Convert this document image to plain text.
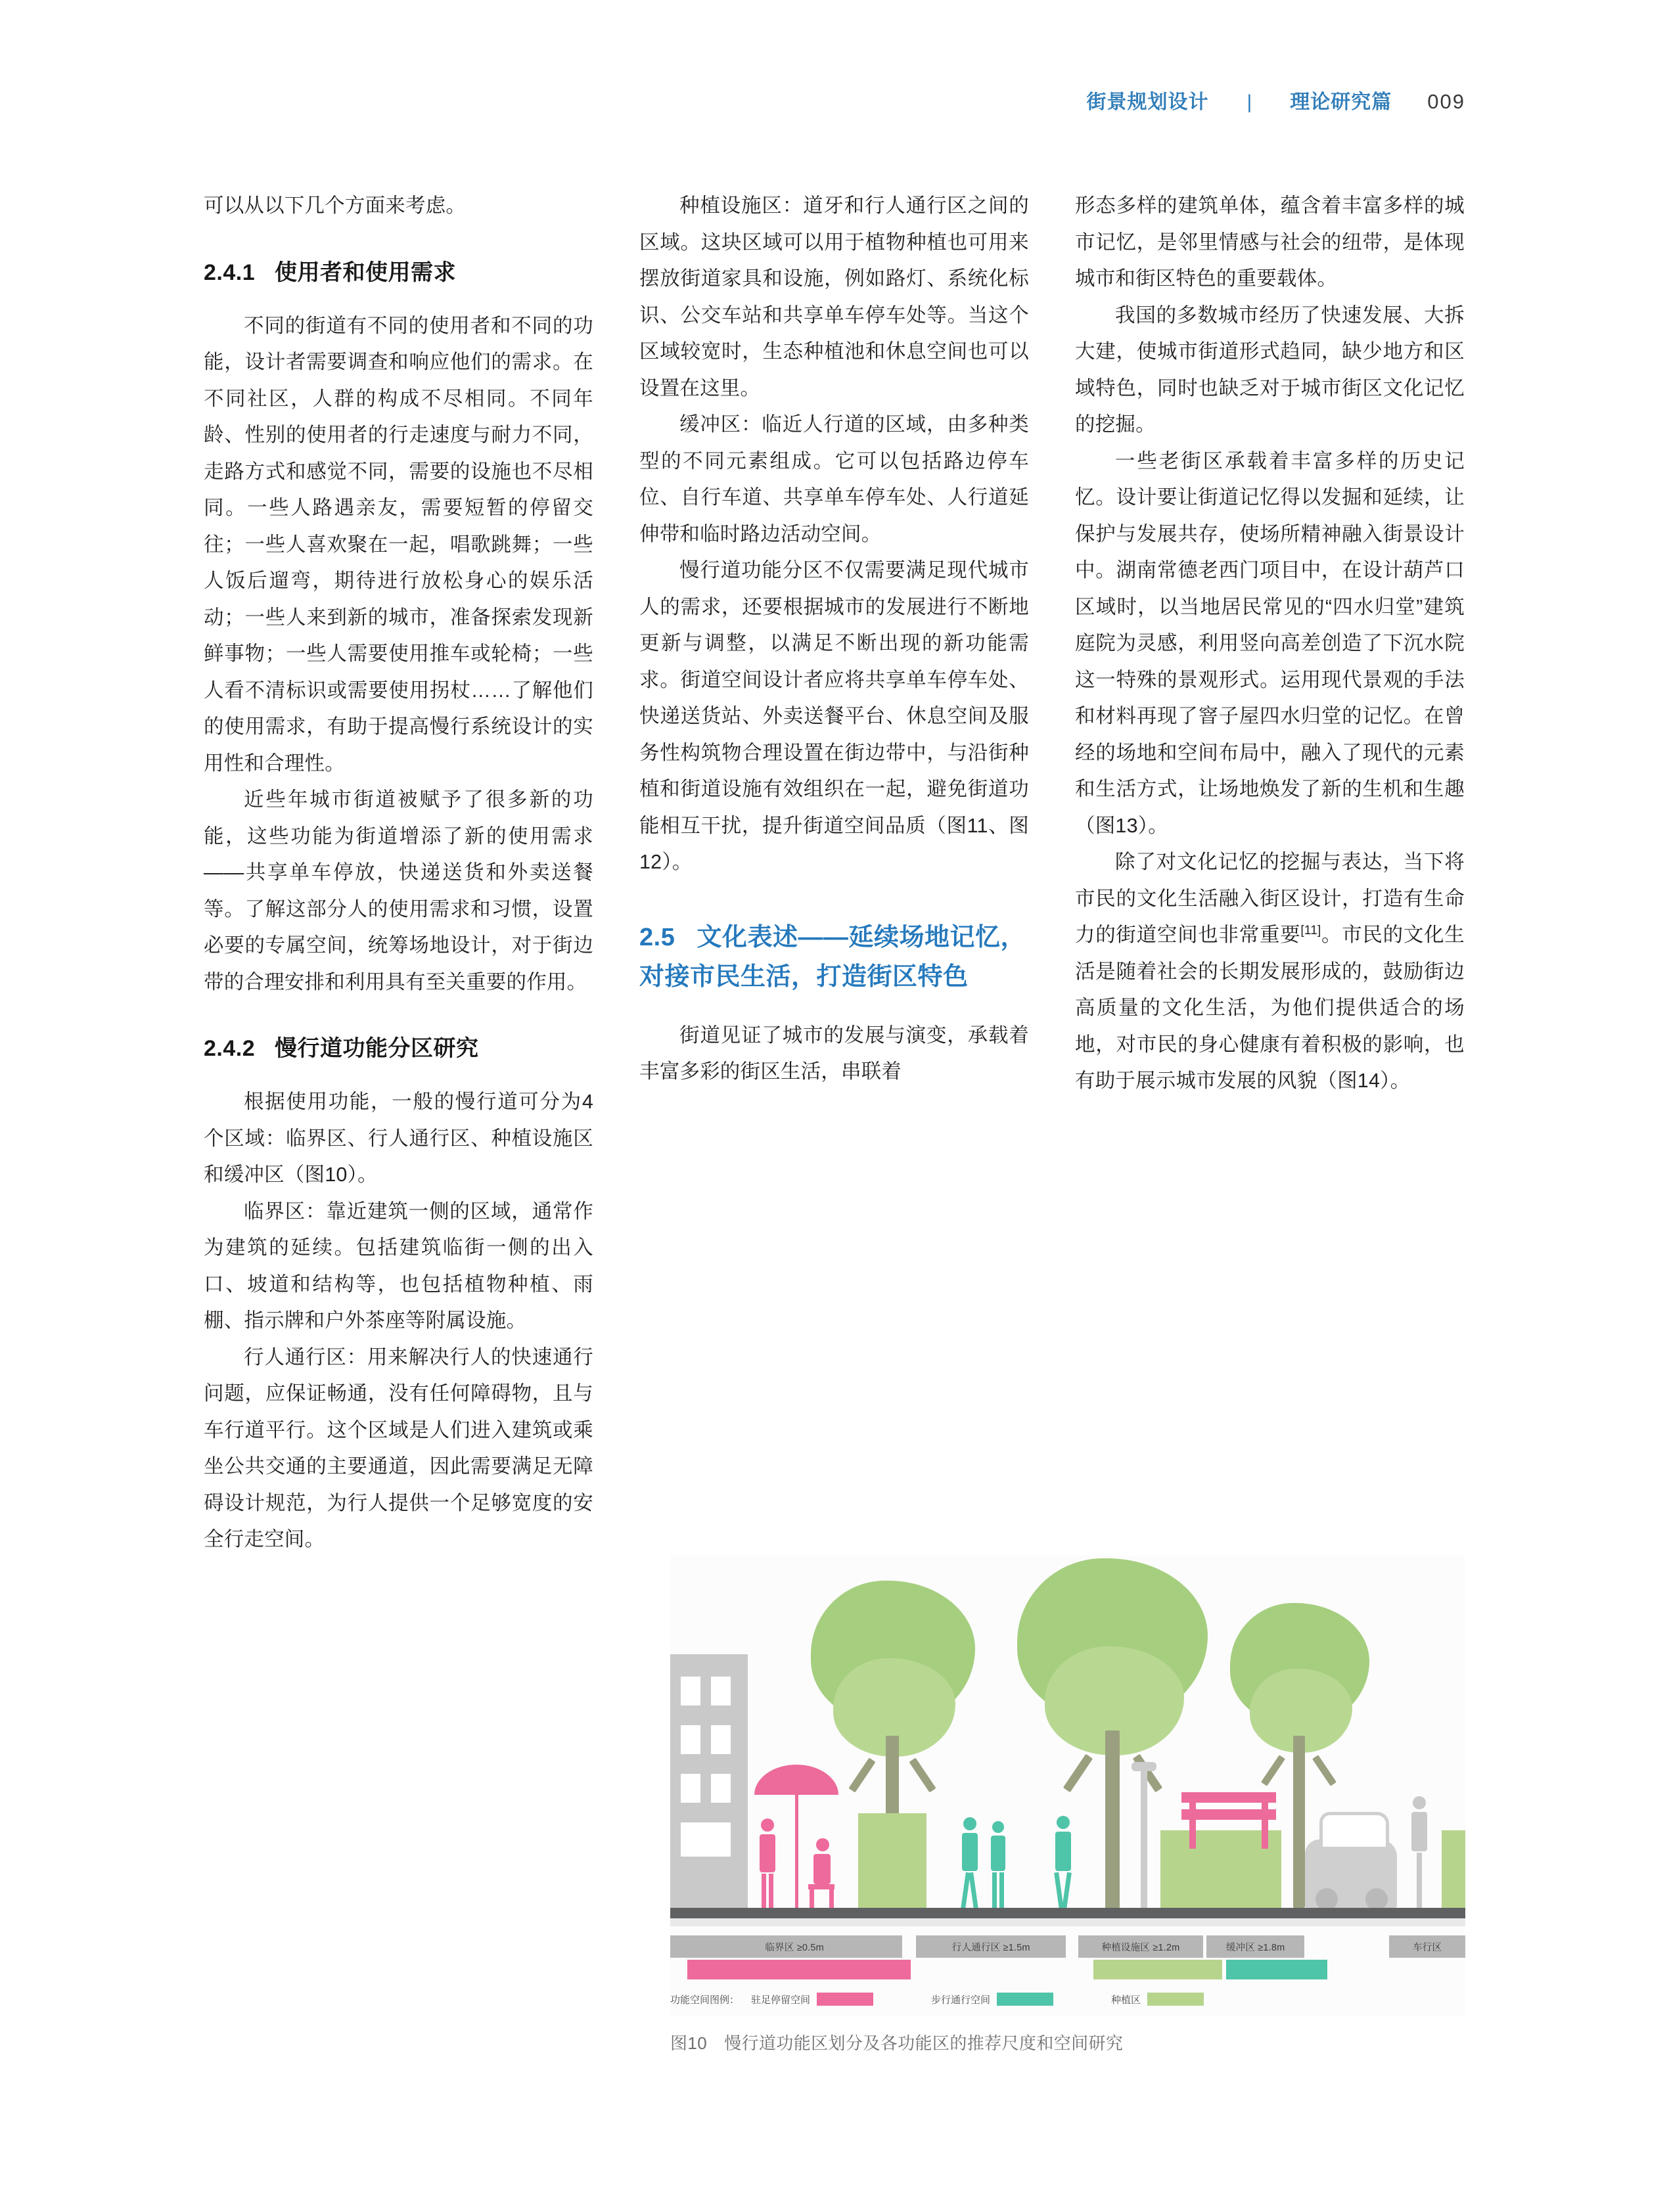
街景规划设计 | 理论研究篇 009

可以从以下几个方面来考虑。

2.4.1 使用者和使用需求

不同的街道有不同的使用者和不同的功能，设计者需要调查和响应他们的需求。在不同社区，人群的构成不尽相同。不同年龄、性别的使用者的行走速度与耐力不同，走路方式和感觉不同，需要的设施也不尽相同。一些人路遇亲友，需要短暂的停留交往；一些人喜欢聚在一起，唱歌跳舞；一些人饭后遛弯，期待进行放松身心的娱乐活动；一些人来到新的城市，准备探索发现新鲜事物；一些人需要使用推车或轮椅；一些人看不清标识或需要使用拐杖……了解他们的使用需求，有助于提高慢行系统设计的实用性和合理性。

近些年城市街道被赋予了很多新的功能，这些功能为街道增添了新的使用需求——共享单车停放，快递送货和外卖送餐等。了解这部分人的使用需求和习惯，设置必要的专属空间，统筹场地设计，对于街边带的合理安排和利用具有至关重要的作用。

2.4.2 慢行道功能分区研究

根据使用功能，一般的慢行道可分为4个区域：临界区、行人通行区、种植设施区和缓冲区（图10）。

临界区：靠近建筑一侧的区域，通常作为建筑的延续。包括建筑临街一侧的出入口、坡道和结构等，也包括植物种植、雨棚、指示牌和户外茶座等附属设施。

行人通行区：用来解决行人的快速通行问题，应保证畅通，没有任何障碍物，且与车行道平行。这个区域是人们进入建筑或乘坐公共交通的主要通道，因此需要满足无障碍设计规范，为行人提供一个足够宽度的安全行走空间。

种植设施区：道牙和行人通行区之间的区域。这块区域可以用于植物种植也可用来摆放街道家具和设施，例如路灯、系统化标识、公交车站和共享单车停车处等。当这个区域较宽时，生态种植池和休息空间也可以设置在这里。

缓冲区：临近人行道的区域，由多种类型的不同元素组成。它可以包括路边停车位、自行车道、共享单车停车处、人行道延伸带和临时路边活动空间。

慢行道功能分区不仅需要满足现代城市人的需求，还要根据城市的发展进行不断地更新与调整，以满足不断出现的新功能需求。街道空间设计者应将共享单车停车处、快递送货站、外卖送餐平台、休息空间及服务性构筑物合理设置在街边带中，与沿街种植和街道设施有效组织在一起，避免街道功能相互干扰，提升街道空间品质（图11、图12）。

2.5 文化表述——延续场地记忆，对接市民生活，打造街区特色

街道见证了城市的发展与演变，承载着丰富多彩的街区生活，串联着

形态多样的建筑单体，蕴含着丰富多样的城市记忆，是邻里情感与社会的纽带，是体现城市和街区特色的重要载体。

我国的多数城市经历了快速发展、大拆大建，使城市街道形式趋同，缺少地方和区域特色，同时也缺乏对于城市街区文化记忆的挖掘。

一些老街区承载着丰富多样的历史记忆。设计要让街道记忆得以发掘和延续，让保护与发展共存，使场所精神融入街景设计中。湖南常德老西门项目中，在设计葫芦口区域时，以当地居民常见的“四水归堂”建筑庭院为灵感，利用竖向高差创造了下沉水院这一特殊的景观形式。运用现代景观的手法和材料再现了窨子屋四水归堂的记忆。在曾经的场地和空间布局中，融入了现代的元素和生活方式，让场地焕发了新的生机和生趣（图13）。

除了对文化记忆的挖掘与表达，当下将市民的文化生活融入街区设计，打造有生命力的街道空间也非常重要[11]。市民的文化生活是随着社会的长期发展形成的，鼓励街边高质量的文化生活，为他们提供适合的场地，对市民的身心健康有着积极的影响，也有助于展示城市发展的风貌（图14）。

临界区 ≥0.5m	行人通行区 ≥1.5m	种植设施区 ≥1.2m	缓冲区 ≥1.8m	车行区
功能空间图例： 驻足停留空间	步行通行空间	种植区
图10 慢行道功能区划分及各功能区的推荐尺度和空间研究
